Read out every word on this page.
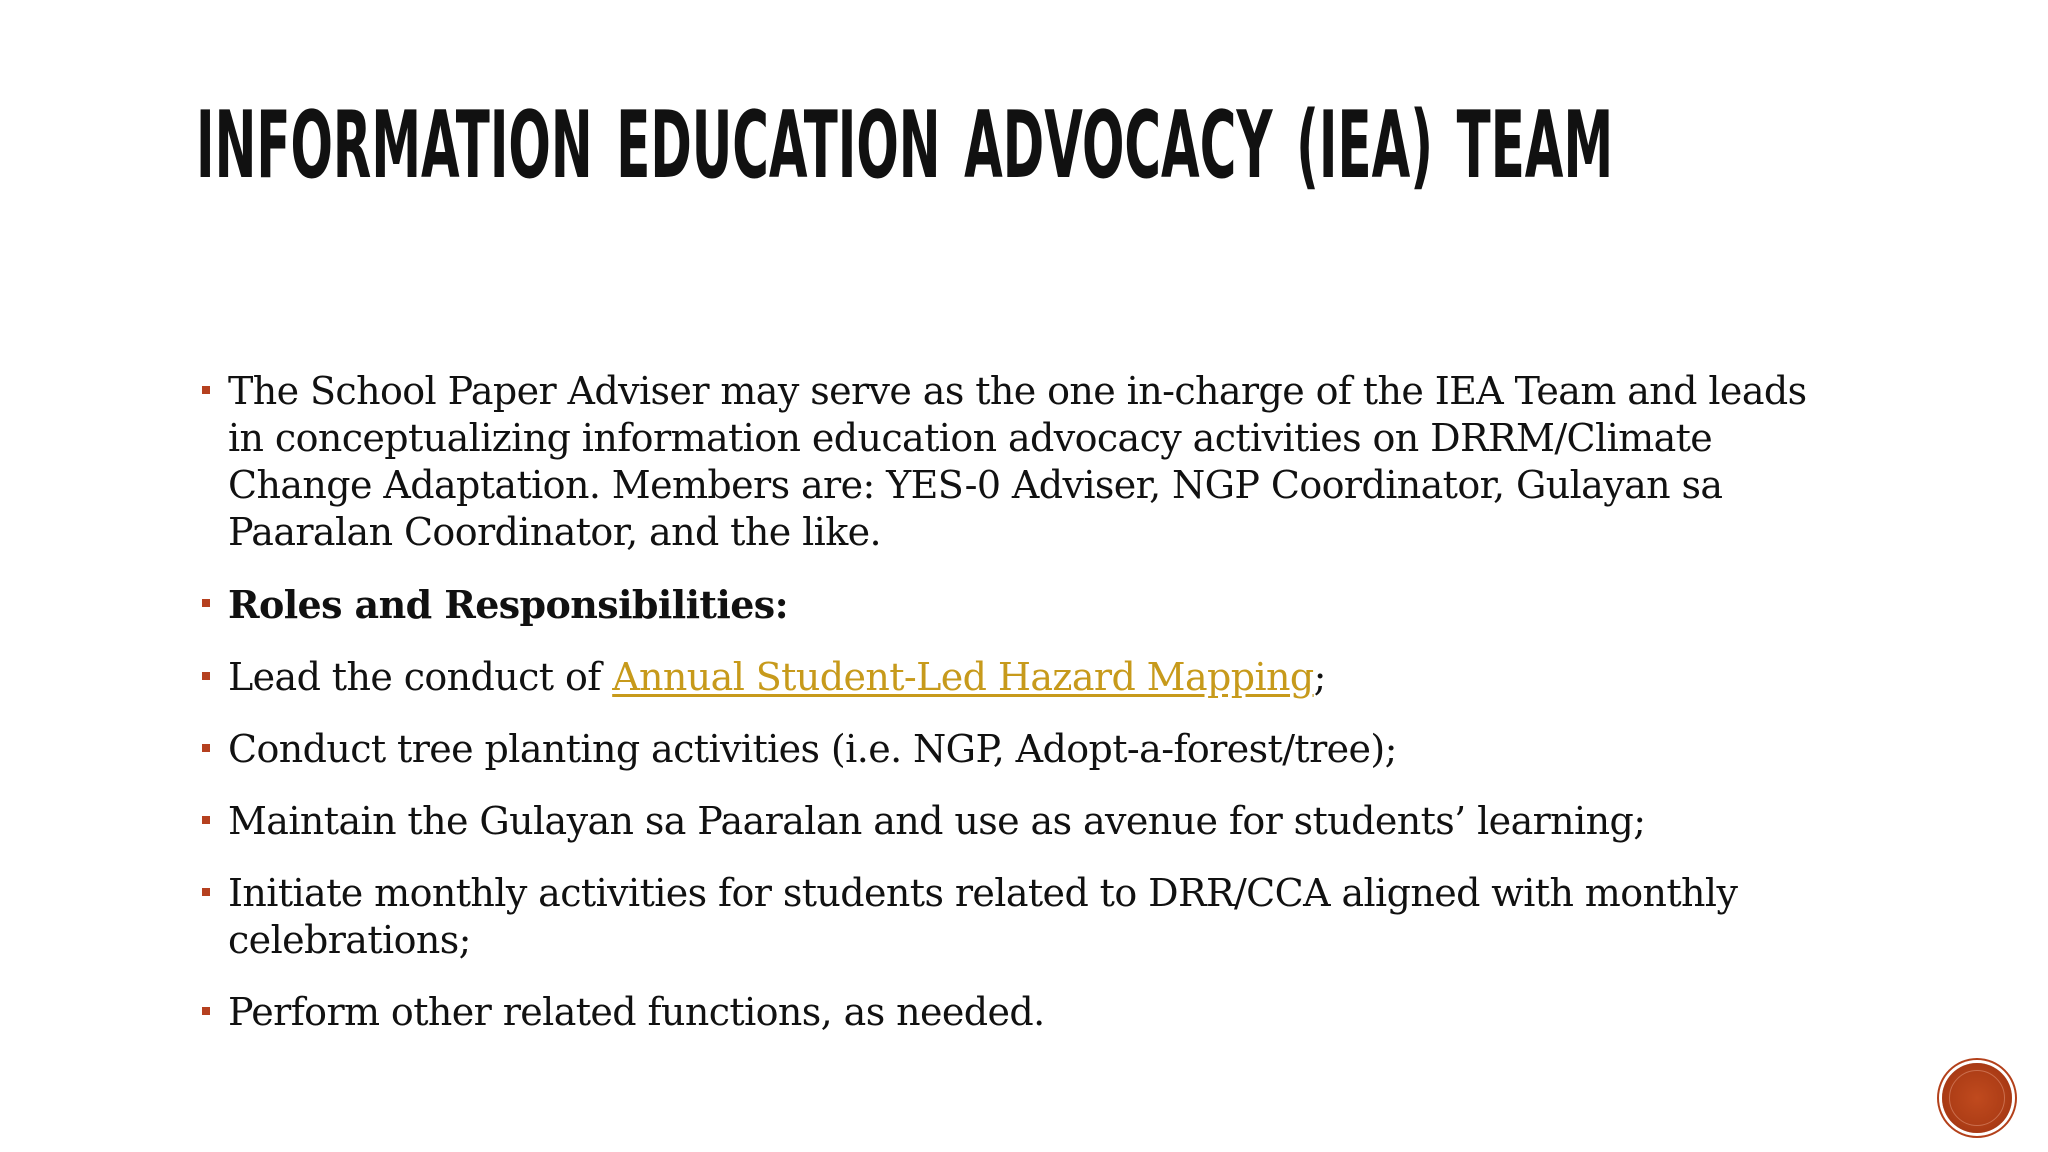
INFORMATION EDUCATION ADVOCACY (IEA) TEAM
The School Paper Adviser may serve as the one in-charge of the IEA Team and leads in conceptualizing information education advocacy activities on DRRM/Climate Change Adaptation. Members are: YES-0 Adviser, NGP Coordinator, Gulayan sa Paaralan Coordinator, and the like.
Roles and Responsibilities:
Lead the conduct of Annual Student-Led Hazard Mapping;
Conduct tree planting activities (i.e. NGP, Adopt-a-forest/tree);
Maintain the Gulayan sa Paaralan and use as avenue for students’ learning;
Initiate monthly activities for students related to DRR/CCA aligned with monthly celebrations;
Perform other related functions, as needed.
